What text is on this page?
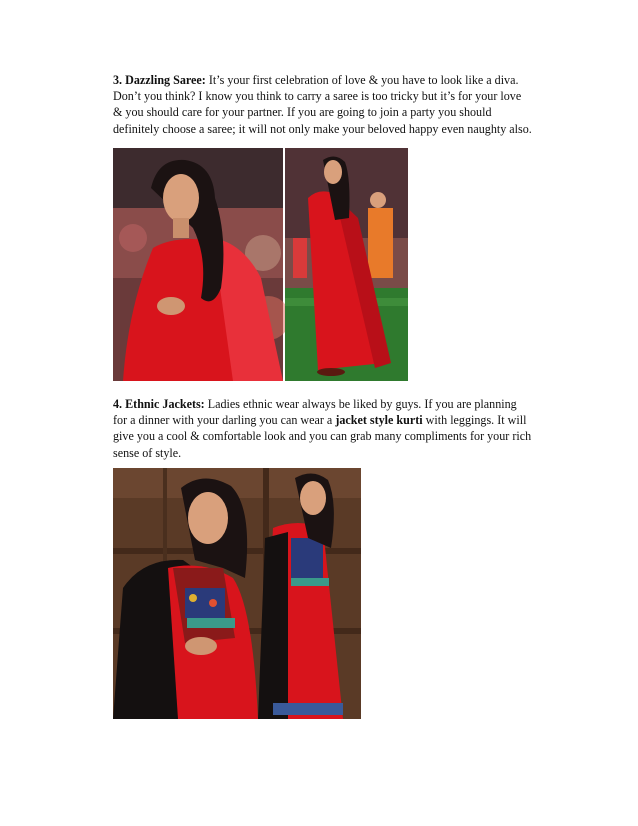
3. Dazzling Saree: It’s your first celebration of love & you have to look like a diva. Don’t you think? I know you think to carry a saree is too tricky but it’s for your love & you should care for your partner. If you are going to join a party you should definitely choose a saree; it will not only make your beloved happy even naughty also.

4. Ethnic Jackets: Ladies ethnic wear always be liked by guys. If you are planning for a dinner with your darling you can wear a jacket style kurti with leggings. It will give you a cool & comfortable look and you can grab many compliments for your rich sense of style.
